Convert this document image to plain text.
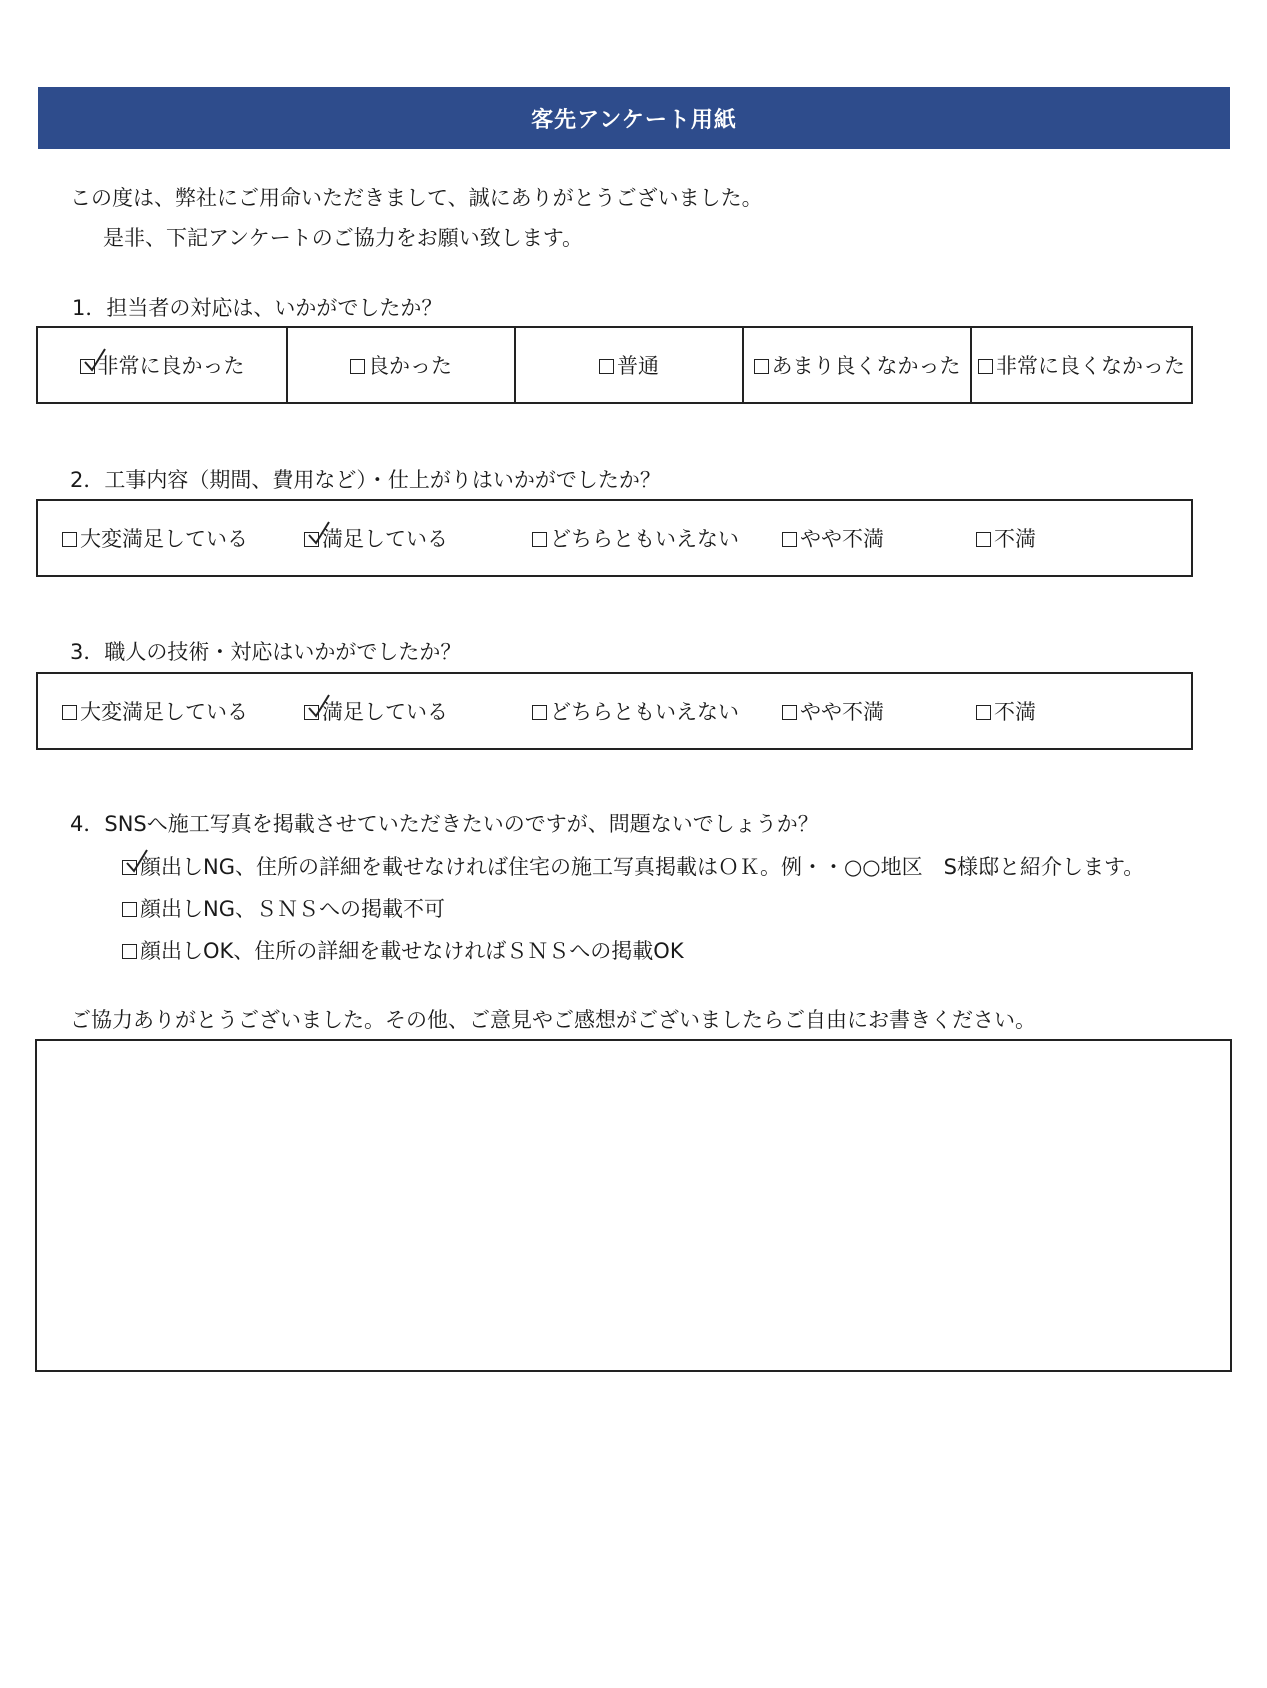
客先アンケート用紙
この度は、弊社にご用命いただきまして、誠にありがとうございました。
是非、下記アンケートのご協力をお願い致します。
1．担当者の対応は、いかがでしたか？
非常に良かった	良かった	普通	あまり良くなかった	非常に良くなかった
2．工事内容（期間、費用など）・仕上がりはいかがでしたか？
大変満足している	満足している	どちらともいえない	やや不満	不満
3．職人の技術・対応はいかがでしたか？
大変満足している	満足している	どちらともいえない	やや不満	不満
4．SNSへ施工写真を掲載させていただきたいのですが、問題ないでしょうか？
顔出しNG、住所の詳細を載せなければ住宅の施工写真掲載はＯＫ。例・・○○地区　S様邸と紹介します。
顔出しNG、ＳＮＳへの掲載不可
顔出しOK、住所の詳細を載せなければＳＮＳへの掲載OK
ご協力ありがとうございました。その他、ご意見やご感想がございましたらご自由にお書きください。
